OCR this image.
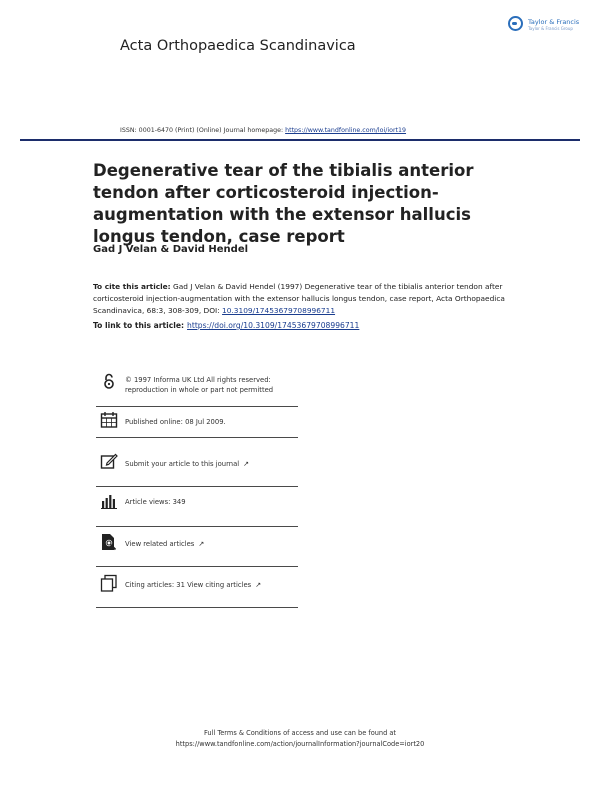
Acta Orthopaedica Scandinavica
Taylor & Francis
Taylor & Francis Group
ISSN: 0001-6470 (Print) (Online) Journal homepage: https://www.tandfonline.com/loi/iort19
Degenerative tear of the tibialis anterior tendon after corticosteroid injection-augmentation with the extensor hallucis longus tendon, case report
Gad J Velan & David Hendel
To cite this article: Gad J Velan & David Hendel (1997) Degenerative tear of the tibialis anterior tendon after corticosteroid injection-augmentation with the extensor hallucis longus tendon, case report, Acta Orthopaedica Scandinavica, 68:3, 308-309, DOI: 10.3109/17453679708996711
To link to this article: https://doi.org/10.3109/17453679708996711
© 1997 Informa UK Ltd All rights reserved:
reproduction in whole or part not permitted
Published online: 08 Jul 2009.
Submit your article to this journal ↗
Article views: 349
View related articles ↗
Citing articles: 31 View citing articles ↗
Full Terms & Conditions of access and use can be found at
https://www.tandfonline.com/action/journalInformation?journalCode=iort20
